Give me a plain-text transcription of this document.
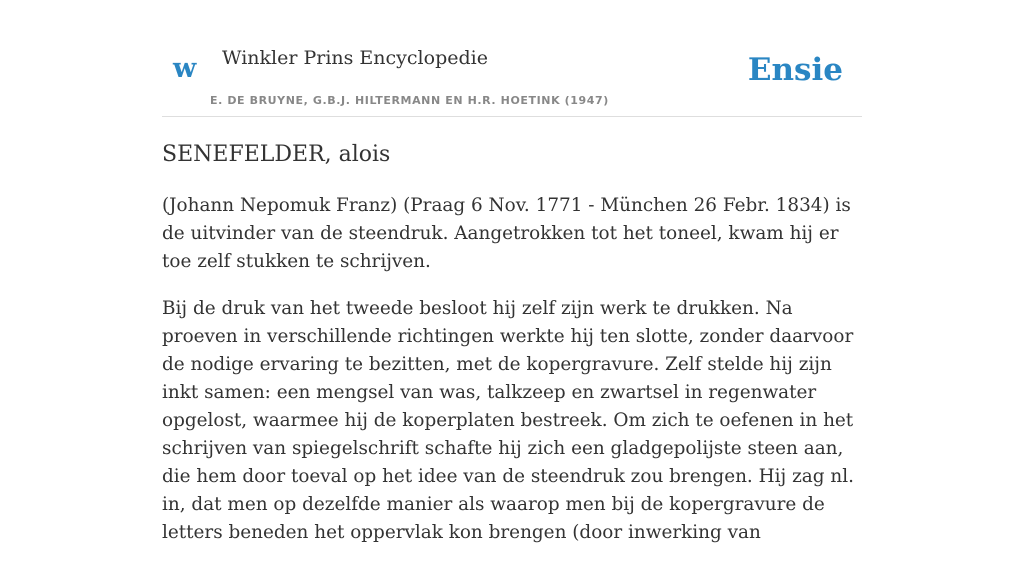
w Winkler Prins Encyclopedie
E. DE BRUYNE, G.B.J. HILTERMANN EN H.R. HOETINK (1947)
Ensie
SENEFELDER, alois

(Johann Nepomuk Franz) (Praag 6 Nov. 1771 - München 26 Febr. 1834) is de uitvinder van de steendruk. Aangetrokken tot het toneel, kwam hij er toe zelf stukken te schrijven.

Bij de druk van het tweede besloot hij zelf zijn werk te drukken. Na proeven in verschillende richtingen werkte hij ten slotte, zonder daarvoor de nodige ervaring te bezitten, met de kopergravure. Zelf stelde hij zijn inkt samen: een mengsel van was, talkzeep en zwartsel in regenwater opgelost, waarmee hij de koperplaten bestreek. Om zich te oefenen in het schrijven van spiegelschrift schafte hij zich een gladgepolijste steen aan, die hem door toeval op het idee van de steendruk zou brengen. Hij zag nl. in, dat men op dezelfde manier als waarop men bij de kopergravure de letters beneden het oppervlak kon brengen (door inwerking van
